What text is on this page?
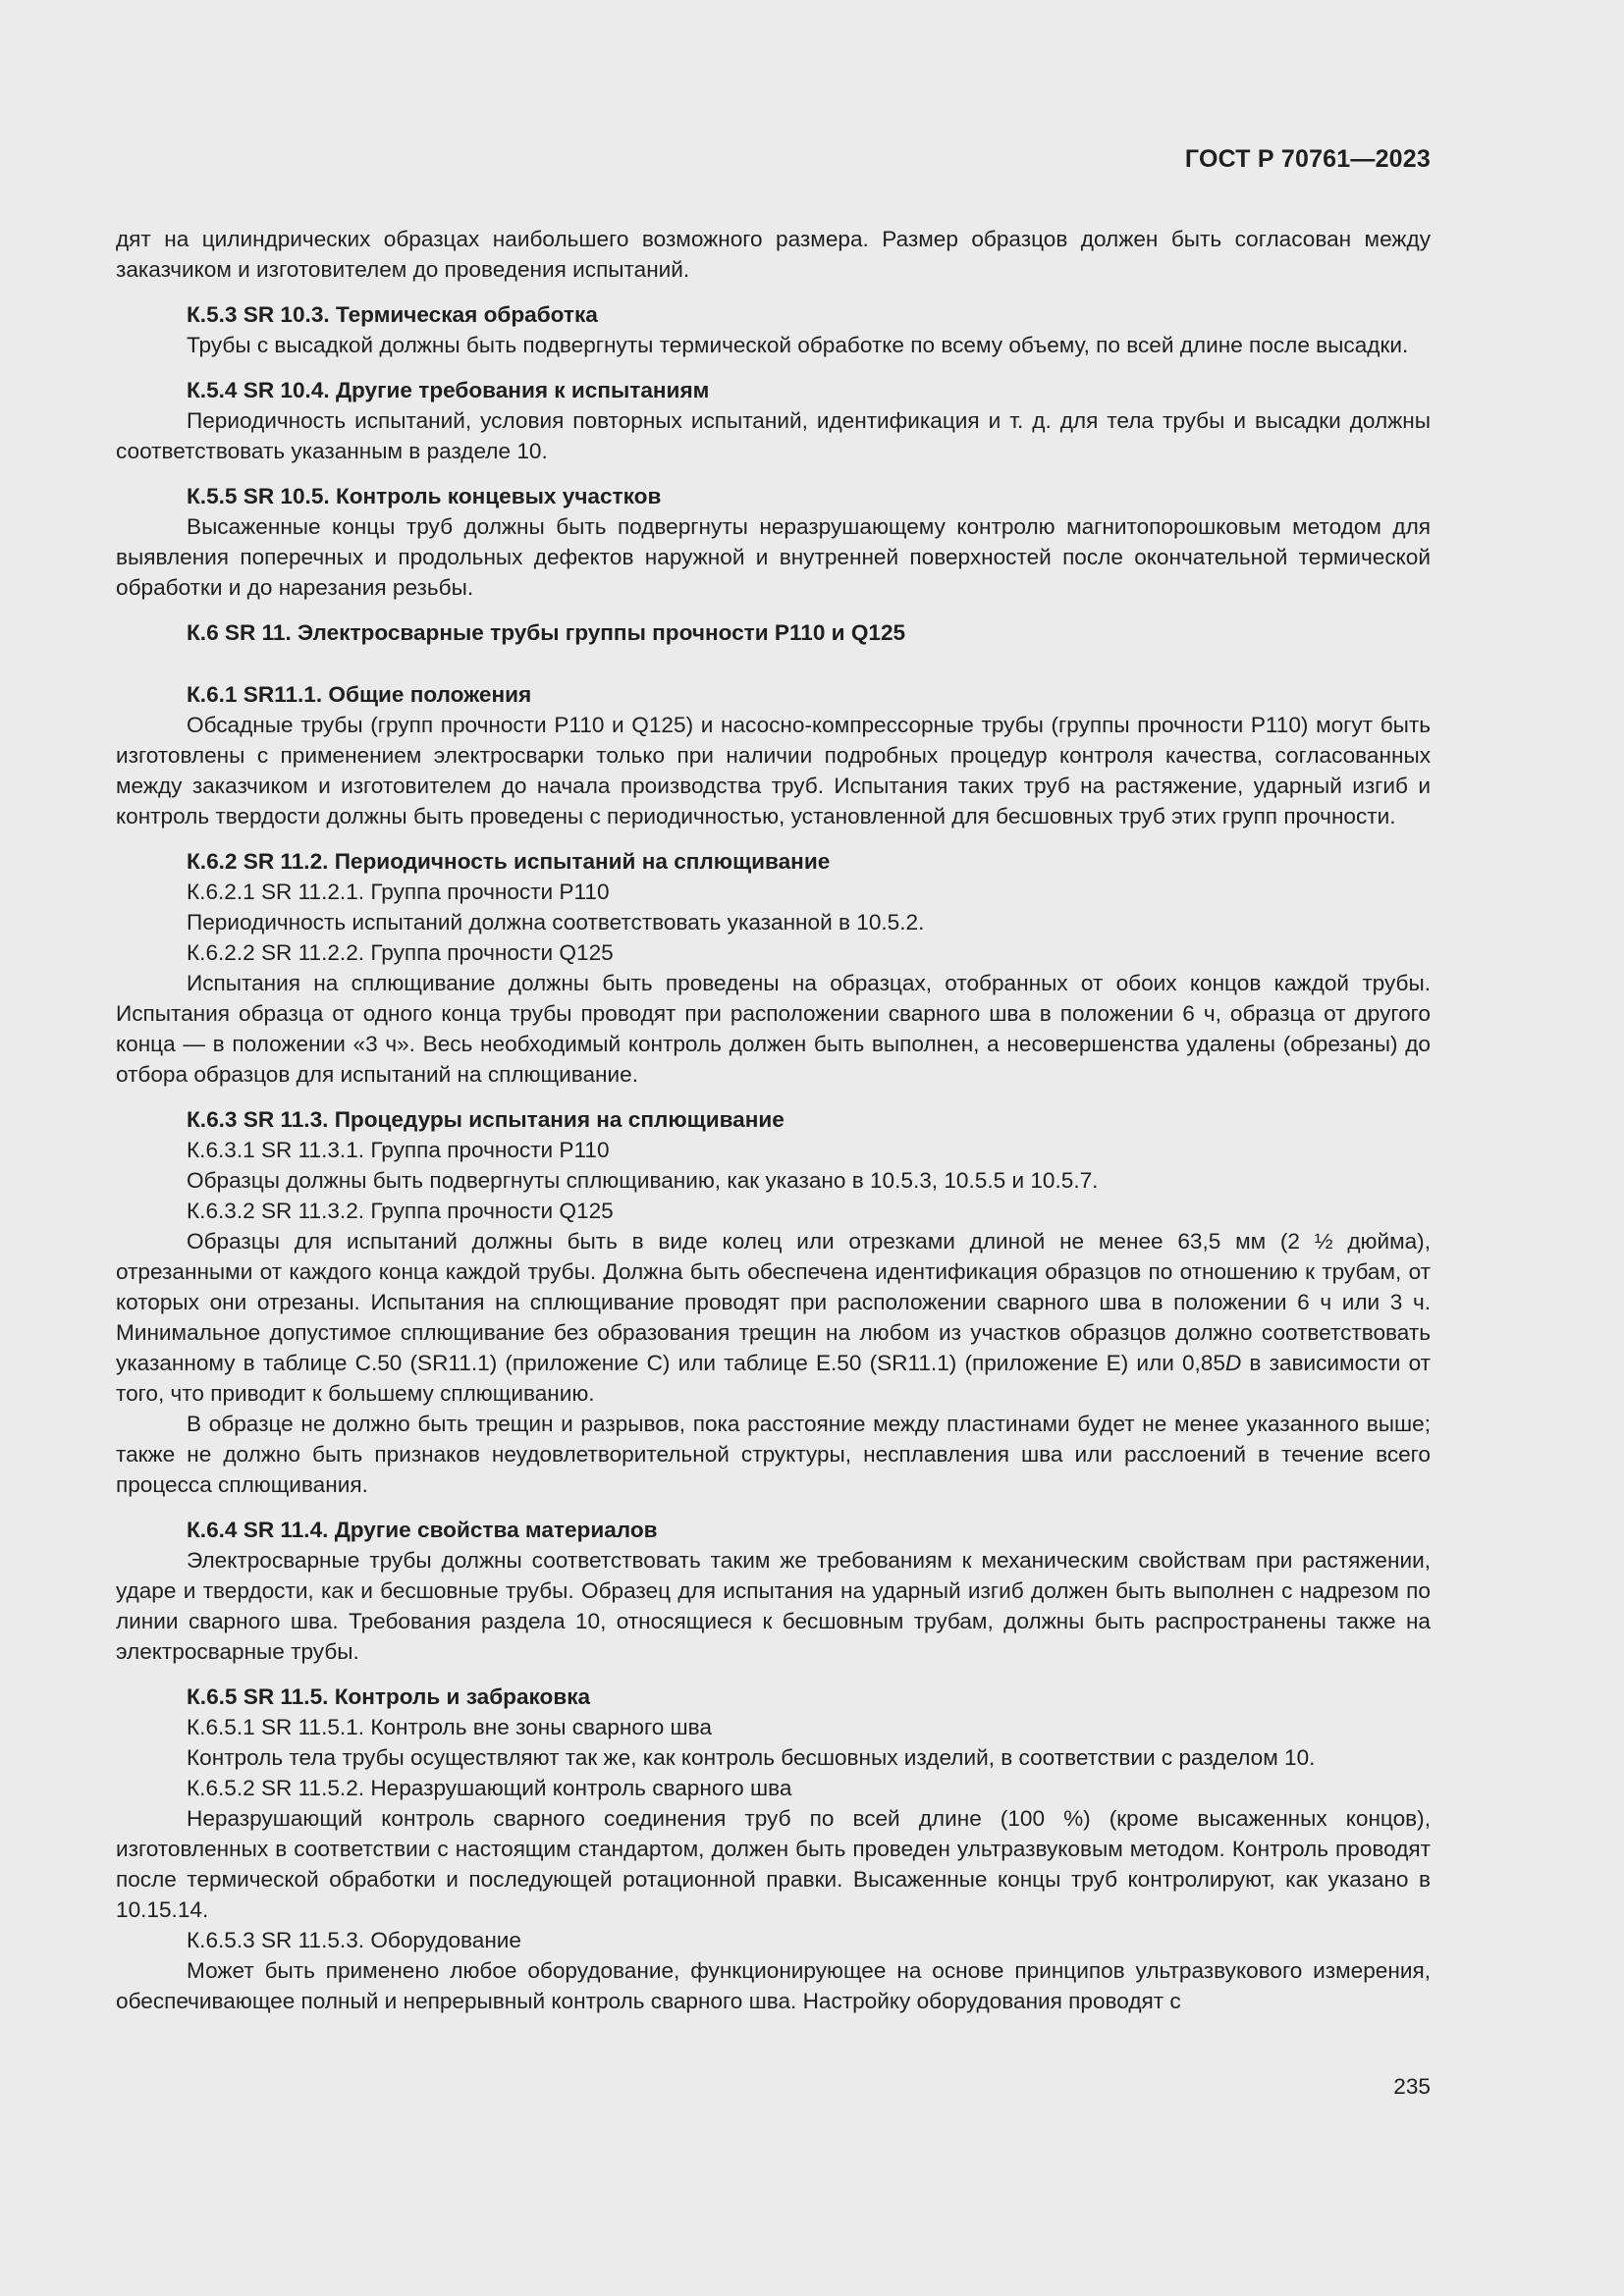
ГОСТ Р 70761—2023

дят на цилиндрических образцах наибольшего возможного размера. Размер образцов должен быть согласован между заказчиком и изготовителем до проведения испытаний.

К.5.3 SR 10.3. Термическая обработка

Трубы с высадкой должны быть подвергнуты термической обработке по всему объему, по всей длине после высадки.

К.5.4 SR 10.4. Другие требования к испытаниям

Периодичность испытаний, условия повторных испытаний, идентификация и т. д. для тела трубы и высадки должны соответствовать указанным в разделе 10.

К.5.5 SR 10.5. Контроль концевых участков

Высаженные концы труб должны быть подвергнуты неразрушающему контролю магнитопорошковым методом для выявления поперечных и продольных дефектов наружной и внутренней поверхностей после окончательной термической обработки и до нарезания резьбы.

К.6 SR 11. Электросварные трубы группы прочности Р110 и Q125
К.6.1 SR11.1. Общие положения

Обсадные трубы (групп прочности Р110 и Q125) и насосно-компрессорные трубы (группы прочности Р110) могут быть изготовлены с применением электросварки только при наличии подробных процедур контроля качества, согласованных между заказчиком и изготовителем до начала производства труб. Испытания таких труб на растяжение, ударный изгиб и контроль твердости должны быть проведены с периодичностью, установленной для бесшовных труб этих групп прочности.

К.6.2 SR 11.2. Периодичность испытаний на сплющивание
К.6.2.1 SR 11.2.1. Группа прочности Р110

Периодичность испытаний должна соответствовать указанной в 10.5.2.

К.6.2.2 SR 11.2.2. Группа прочности Q125

Испытания на сплющивание должны быть проведены на образцах, отобранных от обоих концов каждой трубы. Испытания образца от одного конца трубы проводят при расположении сварного шва в положении 6 ч, образца от другого конца — в положении «3 ч». Весь необходимый контроль должен быть выполнен, а несовершенства удалены (обрезаны) до отбора образцов для испытаний на сплющивание.

К.6.3 SR 11.3. Процедуры испытания на сплющивание
К.6.3.1 SR 11.3.1. Группа прочности Р110

Образцы должны быть подвергнуты сплющиванию, как указано в 10.5.3, 10.5.5 и 10.5.7.

К.6.3.2 SR 11.3.2. Группа прочности Q125

Образцы для испытаний должны быть в виде колец или отрезками длиной не менее 63,5 мм (2 ½ дюйма), отрезанными от каждого конца каждой трубы. Должна быть обеспечена идентификация образцов по отношению к трубам, от которых они отрезаны. Испытания на сплющивание проводят при расположении сварного шва в положении 6 ч или 3 ч. Минимальное допустимое сплющивание без образования трещин на любом из участков образцов должно соответствовать указанному в таблице С.50 (SR11.1) (приложение С) или таблице Е.50 (SR11.1) (приложение Е) или 0,85D в зависимости от того, что приводит к большему сплющиванию.

В образце не должно быть трещин и разрывов, пока расстояние между пластинами будет не менее указанного выше; также не должно быть признаков неудовлетворительной структуры, несплавления шва или расслоений в течение всего процесса сплющивания.

К.6.4 SR 11.4. Другие свойства материалов

Электросварные трубы должны соответствовать таким же требованиям к механическим свойствам при растяжении, ударе и твердости, как и бесшовные трубы. Образец для испытания на ударный изгиб должен быть выполнен с надрезом по линии сварного шва. Требования раздела 10, относящиеся к бесшовным трубам, должны быть распространены также на электросварные трубы.

К.6.5 SR 11.5. Контроль и забраковка
К.6.5.1 SR 11.5.1. Контроль вне зоны сварного шва

Контроль тела трубы осуществляют так же, как контроль бесшовных изделий, в соответствии с разделом 10.

К.6.5.2 SR 11.5.2. Неразрушающий контроль сварного шва

Неразрушающий контроль сварного соединения труб по всей длине (100 %) (кроме высаженных концов), изготовленных в соответствии с настоящим стандартом, должен быть проведен ультразвуковым методом. Контроль проводят после термической обработки и последующей ротационной правки. Высаженные концы труб контролируют, как указано в 10.15.14.

К.6.5.3 SR 11.5.3. Оборудование

Может быть применено любое оборудование, функционирующее на основе принципов ультразвукового измерения, обеспечивающее полный и непрерывный контроль сварного шва. Настройку оборудования проводят с

235
